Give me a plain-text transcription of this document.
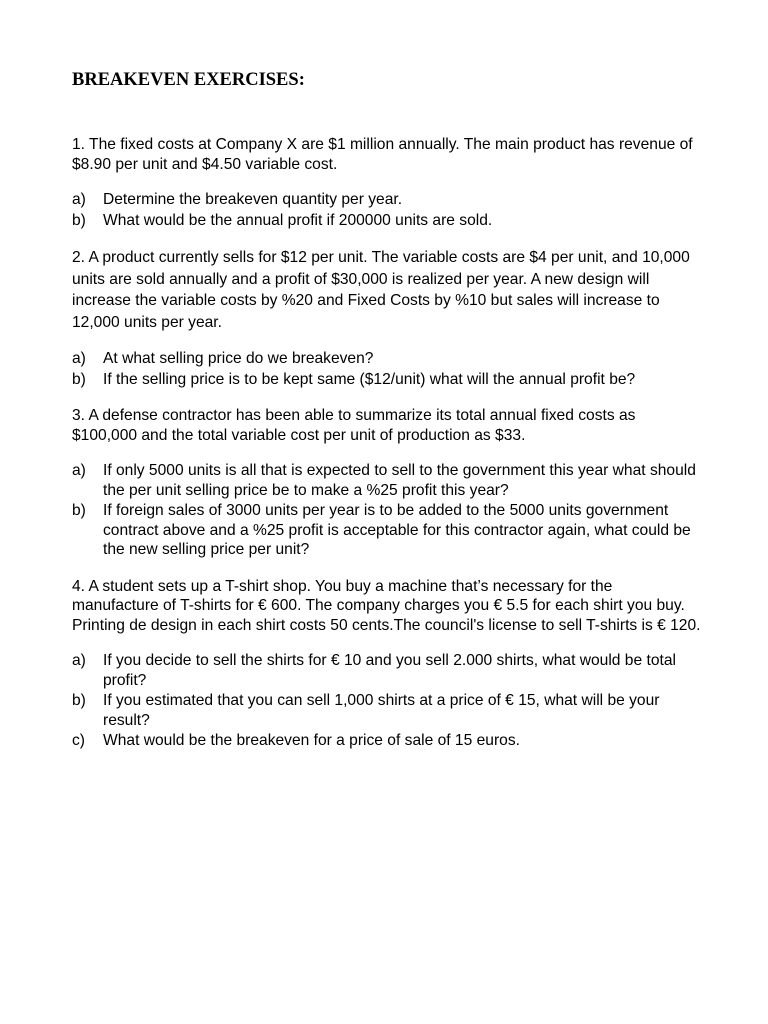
BREAKEVEN EXERCISES:

1. The fixed costs at Company X are $1 million annually. The main product has revenue of $8.90 per unit and $4.50 variable cost.

a)	Determine the breakeven quantity per year.
b)	What would be the annual profit if 200000 units are sold.

2. A product currently sells for $12 per unit. The variable costs are $4 per unit, and 10,000 units are sold annually and a profit of $30,000 is realized per year. A new design will increase the variable costs by %20 and Fixed Costs by %10 but sales will increase to 12,000 units per year.

a)	At what selling price do we breakeven?
b)	If the selling price is to be kept same ($12/unit) what will the annual profit be?

3. A defense contractor has been able to summarize its total annual fixed costs as $100,000 and the total variable cost per unit of production as $33.

a)	If only 5000 units is all that is expected to sell to the government this year what should the per unit selling price be to make a %25 profit this year?
b)	If foreign sales of 3000 units per year is to be added to the 5000 units government contract above and a %25 profit is acceptable for this contractor again, what could be the new selling price per unit?

4. A student sets up a T-shirt shop. You buy a machine that’s necessary for the manufacture of T-shirts for € 600. The company charges you € 5.5 for each shirt you buy. Printing de design in each shirt costs 50 cents.The council's license to sell T-shirts is € 120.

a)	If you decide to sell the shirts for € 10 and you sell 2.000 shirts, what would be total profit?
b)	If you estimated that you can sell 1,000 shirts at a price of € 15, what will be your result?
c)	What would be the breakeven for a price of sale of 15 euros.
